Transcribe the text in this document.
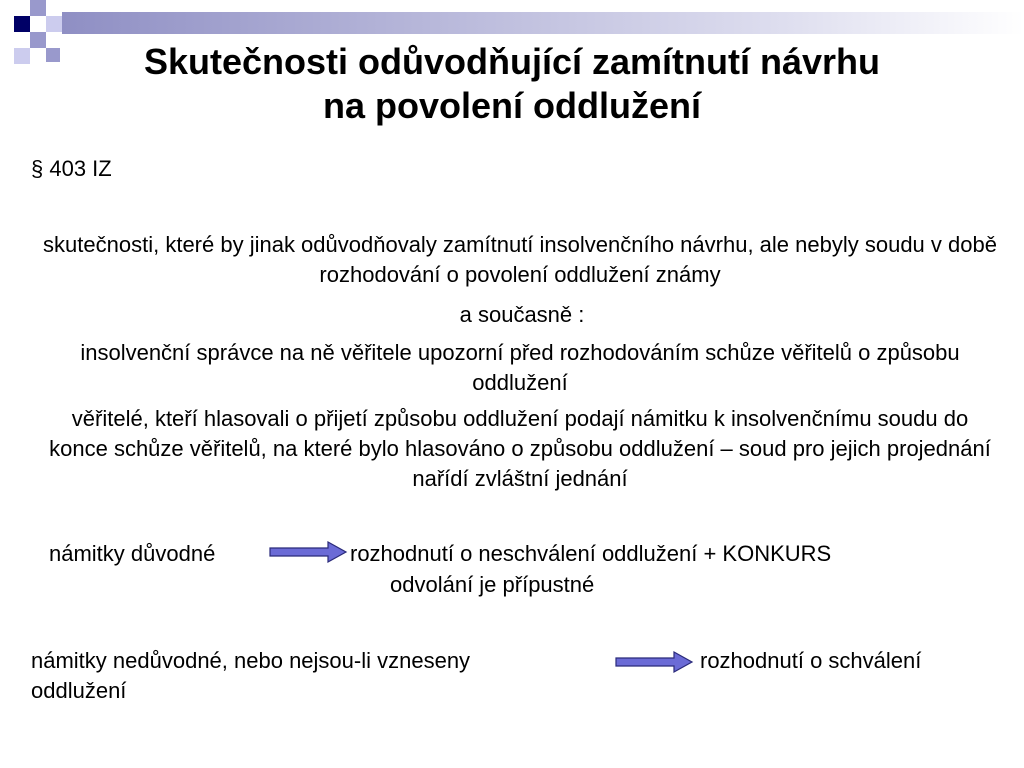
Skutečnosti odůvodňující zamítnutí návrhu
na povolení oddlužení

§ 403 IZ

skutečnosti, které by jinak odůvodňovaly zamítnutí insolvenčního návrhu, ale nebyly soudu v době rozhodování o povolení oddlužení známy

a současně :

insolvenční správce na ně věřitele upozorní před rozhodováním schůze věřitelů o způsobu oddlužení

věřitelé, kteří hlasovali o přijetí způsobu oddlužení podají námitku k insolvenčnímu soudu do konce schůze věřitelů, na které bylo hlasováno o způsobu oddlužení – soud pro jejich projednání nařídí zvláštní jednání

námitky důvodné	rozhodnutí o neschválení oddlužení + KONKURS

odvolání je přípustné

námitky nedůvodné, nebo nejsou-li vzneseny	rozhodnutí o schválení

oddlužení
